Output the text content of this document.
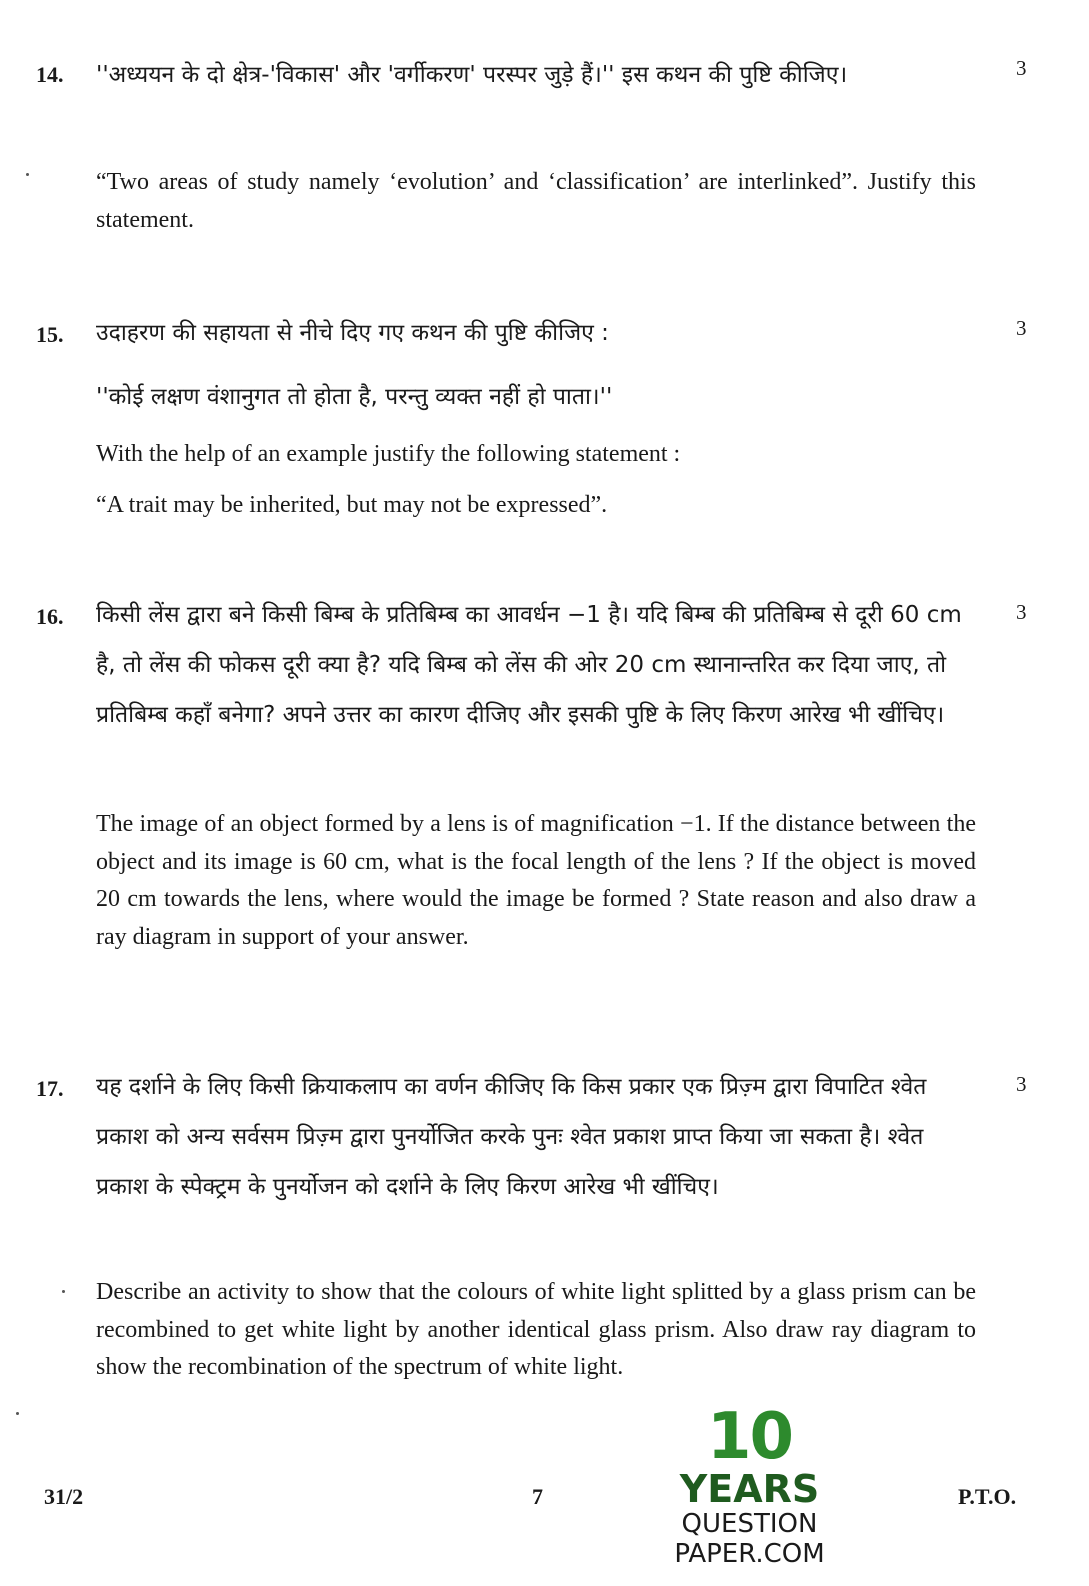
14.	3

''अध्ययन के दो क्षेत्र-'विकास' और 'वर्गीकरण' परस्पर जुड़े हैं।'' इस कथन की पुष्टि कीजिए।

“Two areas of study namely ‘evolution’ and ‘classification’ are interlinked”. Justify this statement.

15.	3

उदाहरण की सहायता से नीचे दिए गए कथन की पुष्टि कीजिए :

''कोई लक्षण वंशानुगत तो होता है, परन्तु व्यक्त नहीं हो पाता।''

With the help of an example justify the following statement :

“A trait may be inherited, but may not be expressed”.

16.	3

किसी लेंस द्वारा बने किसी बिम्ब के प्रतिबिम्ब का आवर्धन −1 है। यदि बिम्ब की प्रतिबिम्ब से दूरी 60 cm है, तो लेंस की फोकस दूरी क्या है? यदि बिम्ब को लेंस की ओर 20 cm स्थानान्तरित कर दिया जाए, तो प्रतिबिम्ब कहाँ बनेगा? अपने उत्तर का कारण दीजिए और इसकी पुष्टि के लिए किरण आरेख भी खींचिए।

The image of an object formed by a lens is of magnification −1. If the distance between the object and its image is 60 cm, what is the focal length of the lens ? If the object is moved 20 cm towards the lens, where would the image be formed ? State reason and also draw a ray diagram in support of your answer.

17.	3

यह दर्शाने के लिए किसी क्रियाकलाप का वर्णन कीजिए कि किस प्रकार एक प्रिज़्म द्वारा विपाटित श्वेत प्रकाश को अन्य सर्वसम प्रिज़्म द्वारा पुनर्योजित करके पुनः श्वेत प्रकाश प्राप्त किया जा सकता है। श्वेत प्रकाश के स्पेक्ट्रम के पुनर्योजन को दर्शाने के लिए किरण आरेख भी खींचिए।

Describe an activity to show that the colours of white light splitted by a glass prism can be recombined to get white light by another identical glass prism. Also draw ray diagram to show the recombination of the spectrum of white light.

10
YEARS
QUESTION PAPER.COM
31/2	7	P.T.O.
